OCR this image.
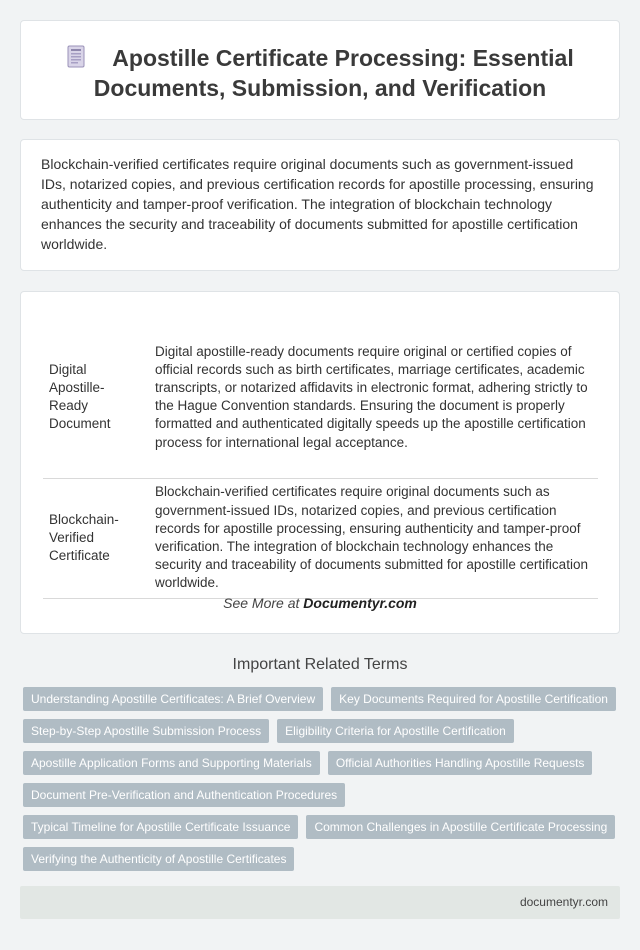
Apostille Certificate Processing: Essential Documents, Submission, and Verification

Blockchain-verified certificates require original documents such as government-issued IDs, notarized copies, and previous certification records for apostille processing, ensuring authenticity and tamper-proof verification. The integration of blockchain technology enhances the security and traceability of documents submitted for apostille certification worldwide.

Digital Apostille-Ready Document	Digital apostille-ready documents require original or certified copies of official records such as birth certificates, marriage certificates, academic transcripts, or notarized affidavits in electronic format, adhering strictly to the Hague Convention standards. Ensuring the document is properly formatted and authenticated digitally speeds up the apostille certification process for international legal acceptance.
Blockchain-Verified Certificate	Blockchain-verified certificates require original documents such as government-issued IDs, notarized copies, and previous certification records for apostille processing, ensuring authenticity and tamper-proof verification. The integration of blockchain technology enhances the security and traceability of documents submitted for apostille certification worldwide.
See More at Documentyr.com
Important Related Terms
Understanding Apostille Certificates: A Brief Overview	Key Documents Required for Apostille Certification
Step-by-Step Apostille Submission Process	Eligibility Criteria for Apostille Certification
Apostille Application Forms and Supporting Materials	Official Authorities Handling Apostille Requests
Document Pre-Verification and Authentication Procedures
Typical Timeline for Apostille Certificate Issuance	Common Challenges in Apostille Certificate Processing
Verifying the Authenticity of Apostille Certificates
documentyr.com
